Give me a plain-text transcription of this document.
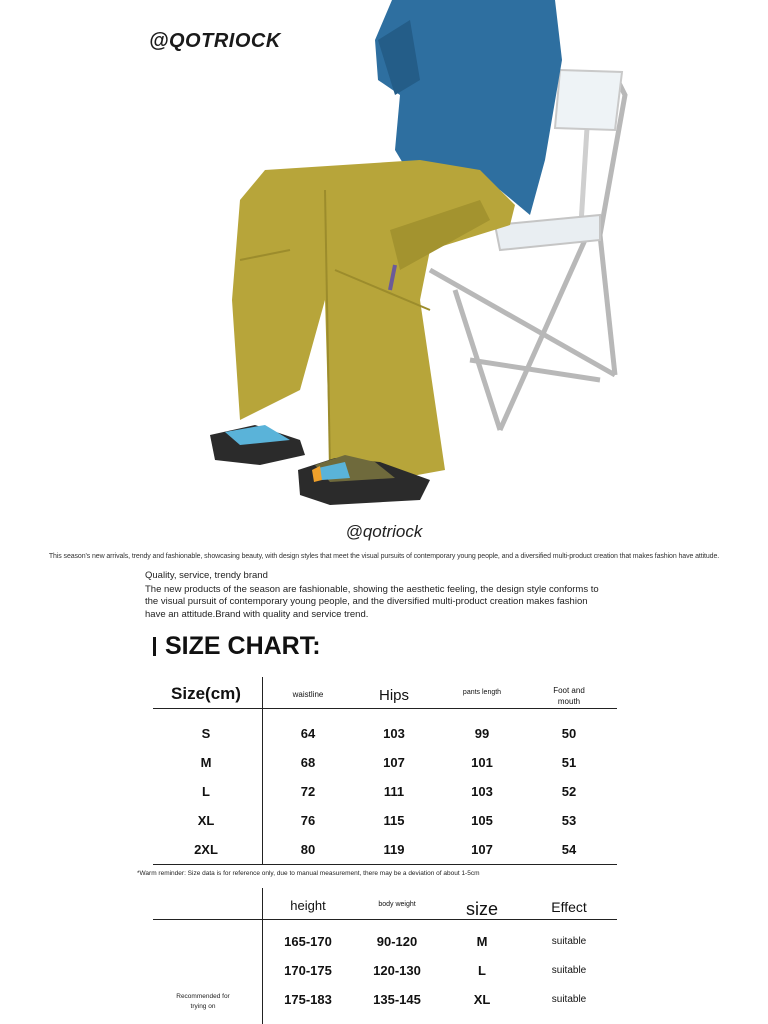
@QOTRIOCK
@qotriock
This season's new arrivals, trendy and fashionable, showcasing beauty, with design styles that meet the visual pursuits of contemporary young people, and a diversified multi-product creation that makes fashion have attitude.
Quality, service, trendy brand
The new products of the season are fashionable, showing the aesthetic feeling, the design style conforms to the visual pursuit of contemporary young people, and the diversified multi-product creation makes fashion have an attitude.Brand with quality and service trend.
SIZE CHART:
Size(cm)	waistline	Hips	pants length	Foot and mouth
S	64	103	99	50
M	68	107	101	51
L	72	111	103	52
XL	76	115	105	53
2XL	80	119	107	54
*Warm reminder: Size data is for reference only, due to manual measurement, there may be a deviation of about 1-5cm
height	body weight	size	Effect
165-170	90-120	M	suitable
170-175	120-130	L	suitable
175-183	135-145	XL	suitable
Recommended for trying on
